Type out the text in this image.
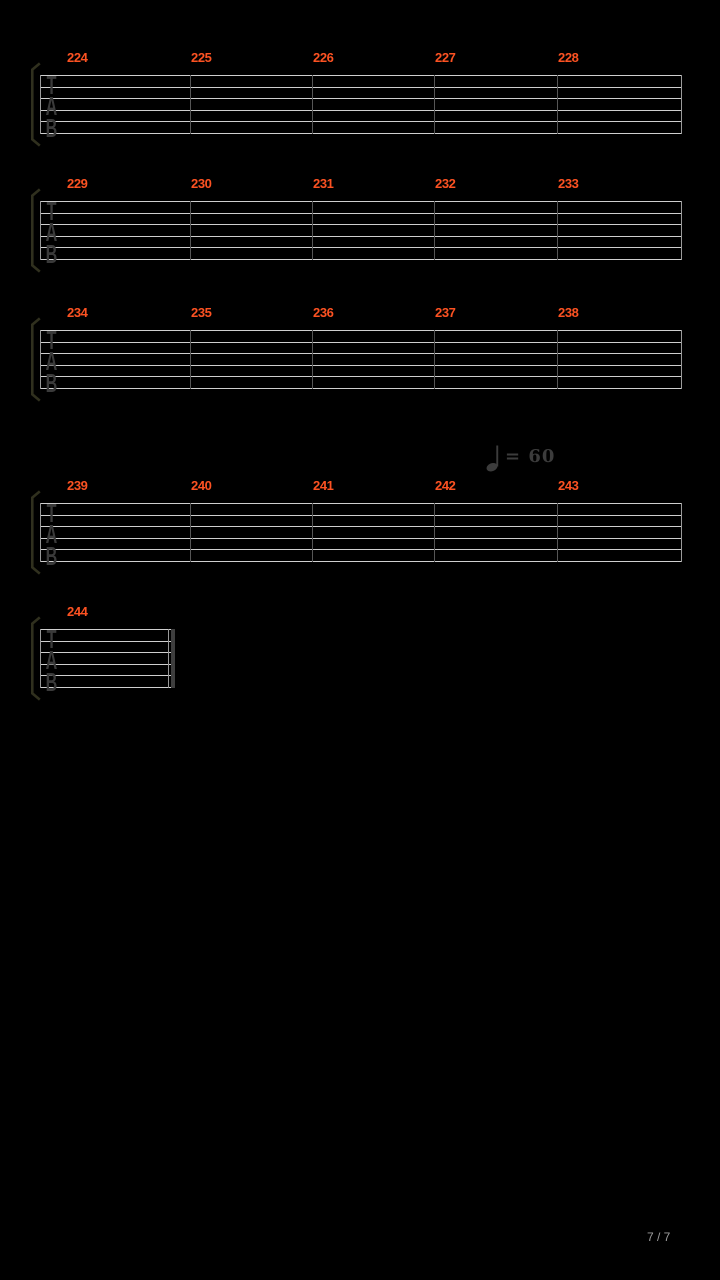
T
A
B
224	225	226	227	228
T
A
B
229	230	231	232	233
T
A
B
234	235	236	237	238
T
A
B
239	240	241	242	243
T
A
B
244
= 60
7 / 7
